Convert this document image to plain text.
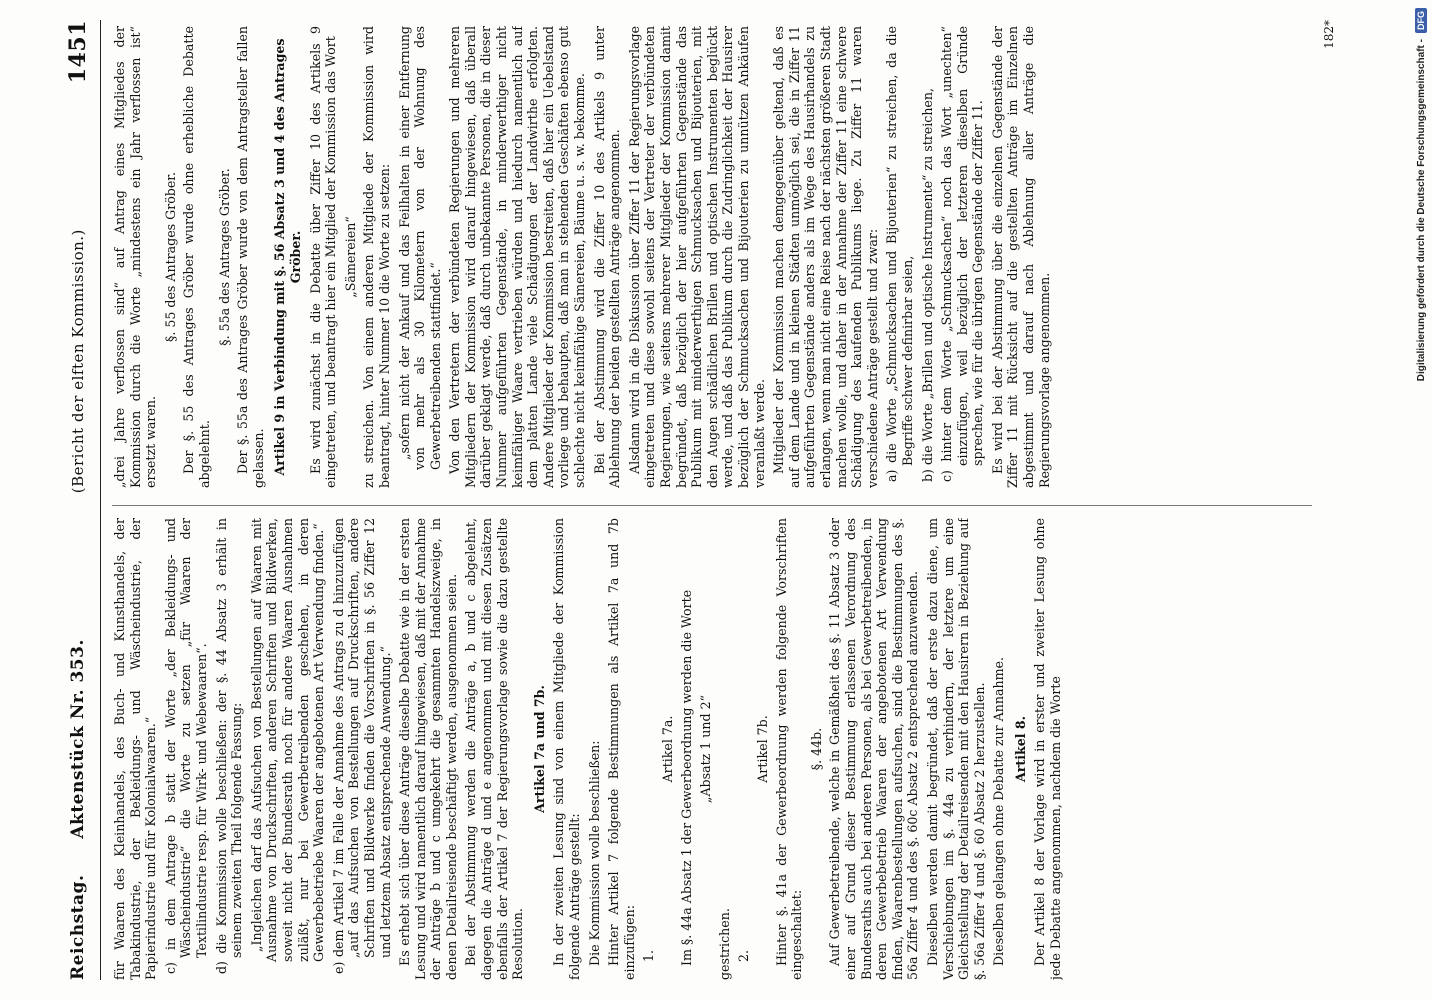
Reichstag.
Aktenstück Nr. 353.
(Bericht der elften Kommission.)
1451

für Waaren des Kleinhandels, des Buch- und Kunsthandels, der Tabakindustrie, der Bekleidungs- und Wäscheindustrie, der Papierindustrie und für Kolonialwaaren.“ c) in dem Antrage b statt der Worte „der Bekleidungs- und Wäscheindustrie“ die Worte zu setzen „für Waaren der Textilindustrie resp. für Wirk- und Webewaaren“. d) die Kommission wolle beschließen: der §. 44 Absatz 3 erhält in seinem zweiten Theil folgende Fassung: „Ingleichen darf das Aufsuchen von Bestellungen auf Waaren mit Ausnahme von Druckschriften, anderen Schriften und Bildwerken, soweit nicht der Bundesrath noch für andere Waaren Ausnahmen zuläßt, nur bei Gewerbetreibenden geschehen, in deren Gewerbebetriebe Waaren der angebotenen Art Verwendung finden.“ e) dem Artikel 7 im Falle der Annahme des Antrags zu d hinzuzufügen „auf das Aufsuchen von Bestellungen auf Druckschriften, andere Schriften und Bildwerke finden die Vorschriften in §. 56 Ziffer 12 und letztem Absatz entsprechende Anwendung.“ Es erhebt sich über diese Anträge dieselbe Debatte wie in der ersten Lesung und wird namentlich darauf hingewiesen, daß mit der Annahme der Anträge b und c umgekehrt die gesammten Handelszweige, in denen Detailreisende beschäftigt werden, ausgenommen seien. Bei der Abstimmung werden die Anträge a, b und c abgelehnt, dagegen die Anträge d und e angenommen und mit diesen Zusätzen ebenfalls der Artikel 7 der Regierungsvorlage sowie die dazu gestellte Resolution.

Artikel 7a und 7b. In der zweiten Lesung sind von einem Mitgliede der Kommission folgende Anträge gestellt: Die Kommission wolle beschließen: Hinter Artikel 7 folgende Bestimmungen als Artikel 7a und 7b einzufügen: 1.

Artikel 7a. Im §. 44a Absatz 1 der Gewerbeordnung werden die Worte „Absatz 1 und 2“

gestrichen. 2.

Artikel 7b. Hinter §. 41a der Gewerbeordnung werden folgende Vorschriften eingeschaltet:

§. 44b. Auf Gewerbetreibende, welche in Gemäßheit des §. 11 Absatz 3 oder einer auf Grund dieser Bestimmung erlassenen Verordnung des Bundesraths auch bei anderen Personen, als bei Gewerbetreibenden, in deren Gewerbebetrieb Waaren der angebotenen Art Verwendung finden, Waarenbestellungen aufsuchen, sind die Bestimmungen des §. 56a Ziffer 4 und des §. 60c Absatz 2 entsprechend anzuwenden. Dieselben werden damit begründet, daß der erste dazu diene, um Verschiebungen im §. 44a zu verhindern, der letztere um eine Gleichstellung der Detailreisenden mit den Hausirern in Beziehung auf §. 56a Ziffer 4 und §. 60 Absatz 2 herzustellen. Dieselben gelangen ohne Debatte zur Annahme. Artikel 8. Der Artikel 8 der Vorlage wird in erster und zweiter Lesung ohne jede Debatte angenommen, nachdem die Worte

„drei Jahre verflossen sind“ auf Antrag eines Mitgliedes der Kommission durch die Worte „mindestens ein Jahr verflossen ist“ ersetzt waren.

§. 55 des Antrages Gröber. Der §. 55 des Antrages Gröber wurde ohne erhebliche Debatte abgelehnt.

§. 55a des Antrages Gröber. Der §. 55a des Antrages Gröber wurde von dem Antragsteller fallen gelassen. Artikel 9 in Verbindung mit §. 56 Absatz 3 und 4 des Antrages Gröber. Es wird zunächst in die Debatte über Ziffer 10 des Artikels 9 eingetreten, und beantragt hier ein Mitglied der Kommission das Wort „Sämereien“ zu streichen. Von einem anderen Mitgliede der Kommission wird beantragt, hinter Nummer 10 die Worte zu setzen: „sofern nicht der Ankauf und das Feilhalten in einer Entfernung von mehr als 30 Kilometern von der Wohnung des Gewerbetreibenden stattfindet.“ Von den Vertretern der verbündeten Regierungen und mehreren Mitgliedern der Kommission wird darauf hingewiesen, daß überall darüber geklagt werde, daß durch unbekannte Personen, die in dieser Nummer aufgeführten Gegenstände, in minderwerthiger nicht keimfähiger Waare vertrieben würden und hiedurch namentlich auf dem platten Lande viele Schädigungen der Landwirthe erfolgten. Andere Mitglieder der Kommission bestreiten, daß hier ein Uebelstand vorliege und behaupten, daß man in stehenden Geschäften ebenso gut schlechte nicht keimfähige Sämereien, Bäume u. s. w. bekomme. Bei der Abstimmung wird die Ziffer 10 des Artikels 9 unter Ablehnung der beiden gestellten Anträge angenommen. Alsdann wird in die Diskussion über Ziffer 11 der Regierungsvorlage eingetreten und diese sowohl seitens der Vertreter der verbündeten Regierungen, wie seitens mehrerer Mitglieder der Kommission damit begründet, daß bezüglich der hier aufgeführten Gegenstände das Publikum mit minderwerthigen Schmucksachen und Bijouterien, mit den Augen schädlichen Brillen und optischen Instrumenten beglückt werde, und daß das Publikum durch die Zudringlichkeit der Hausirer bezüglich der Schmucksachen und Bijouterien zu unnützen Ankäufen veranlaßt werde. Mitglieder der Kommission machen demgegenüber geltend, daß es auf dem Lande und in kleinen Städten unmöglich sei, die in Ziffer 11 aufgeführten Gegenstände anders als im Wege des Hausirhandels zu erlangen, wenn man nicht eine Reise nach der nächsten größeren Stadt machen wolle, und daher in der Annahme der Ziffer 11 eine schwere Schädigung des kaufenden Publikums liege. Zu Ziffer 11 waren verschiedene Anträge gestellt und zwar: a) die Worte „Schmucksachen und Bijouterien“ zu streichen, da die Begriffe schwer definirbar seien, b) die Worte „Brillen und optische Instrumente“ zu streichen, c) hinter dem Worte „Schmucksachen“ noch das Wort „unechten“ einzufügen, weil bezüglich der letzteren dieselben Gründe sprechen, wie für die übrigen Gegenstände der Ziffer 11. Es wird bei der Abstimmung über die einzelnen Gegenstände der Ziffer 11 mit Rücksicht auf die gestellten Anträge im Einzelnen abgestimmt und darauf nach Ablehnung aller Anträge die Regierungsvorlage angenommen.

182*
Digitalisierung gefördert durch die Deutsche Forschungsgemeinschaft -
DFG
